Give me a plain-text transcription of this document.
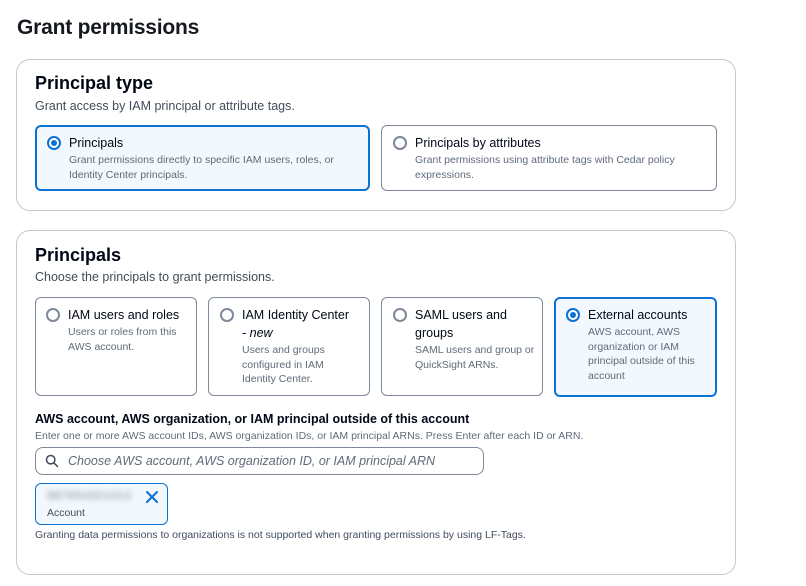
Grant permissions
Principal type
Grant access by IAM principal or attribute tags.
Principals
Grant permissions directly to specific IAM users, roles, or Identity Center principals.
Principals by attributes
Grant permissions using attribute tags with Cedar policy expressions.
Principals
Choose the principals to grant permissions.
IAM users and roles
Users or roles from this AWS account.
IAM Identity Center
- new
Users and groups configured in IAM Identity Center.
SAML users and groups
SAML users and group or QuickSight ARNs.
External accounts
AWS account, AWS organization or IAM principal outside of this account
AWS account, AWS organization, or IAM principal outside of this account
Enter one or more AWS account IDs, AWS organization IDs, or IAM principal ARNs. Press Enter after each ID or ARN.
Choose AWS account, AWS organization ID, or IAM principal ARN
987654321012
Account
Granting data permissions to organizations is not supported when granting permissions by using LF-Tags.
